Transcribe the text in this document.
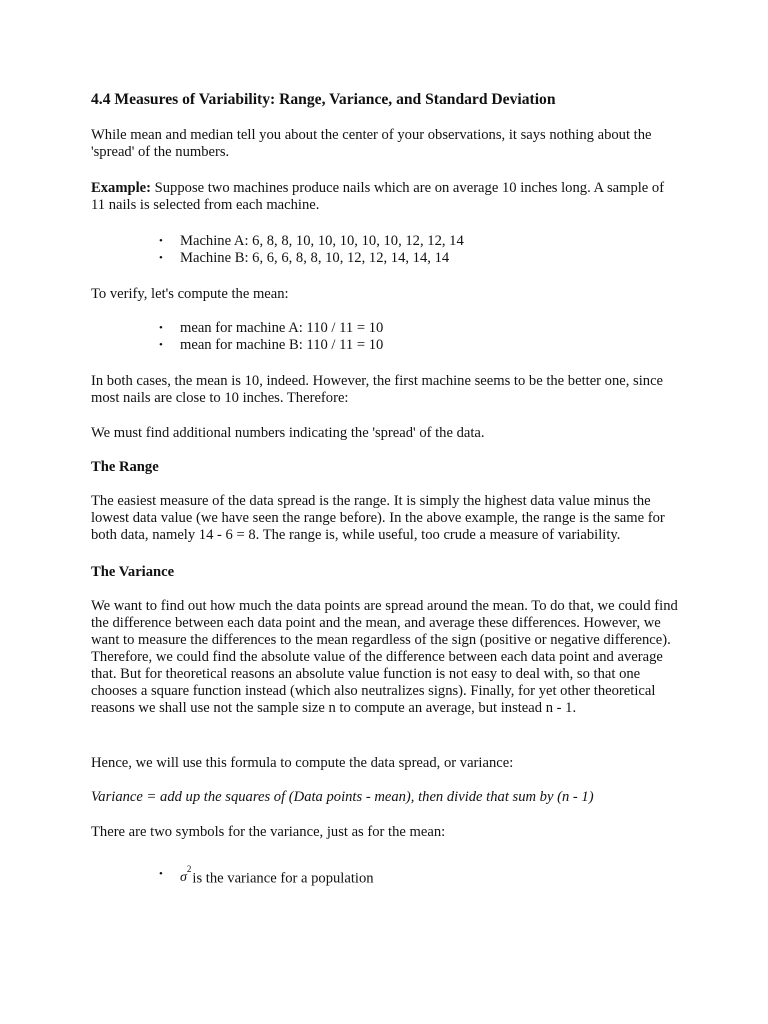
4.4 Measures of Variability: Range, Variance, and Standard Deviation

While mean and median tell you about the center of your observations, it says nothing about the 'spread' of the numbers.

Example: Suppose two machines produce nails which are on average 10 inches long. A sample of 11 nails is selected from each machine.

• Machine A: 6, 8, 8, 10, 10, 10, 10, 10, 12, 12, 14
• Machine B: 6, 6, 6, 8, 8, 10, 12, 12, 14, 14, 14

To verify, let's compute the mean:

• mean for machine A: 110 / 11 = 10
• mean for machine B: 110 / 11 = 10

In both cases, the mean is 10, indeed. However, the first machine seems to be the better one, since most nails are close to 10 inches. Therefore:

We must find additional numbers indicating the 'spread' of the data.

The Range

The easiest measure of the data spread is the range. It is simply the highest data value minus the lowest data value (we have seen the range before). In the above example, the range is the same for both data, namely 14 - 6 = 8. The range is, while useful, too crude a measure of variability.

The Variance

We want to find out how much the data points are spread around the mean. To do that, we could find the difference between each data point and the mean, and average these differences. However, we want to measure the differences to the mean regardless of the sign (positive or negative difference). Therefore, we could find the absolute value of the difference between each data point and average that. But for theoretical reasons an absolute value function is not easy to deal with, so that one chooses a square function instead (which also neutralizes signs). Finally, for yet other theoretical reasons we shall use not the sample size n to compute an average, but instead n - 1.

Hence, we will use this formula to compute the data spread, or variance:

Variance = add up the squares of (Data points - mean), then divide that sum by (n - 1)

There are two symbols for the variance, just as for the mean:

• $\sigma^2is$ the variance for a population
